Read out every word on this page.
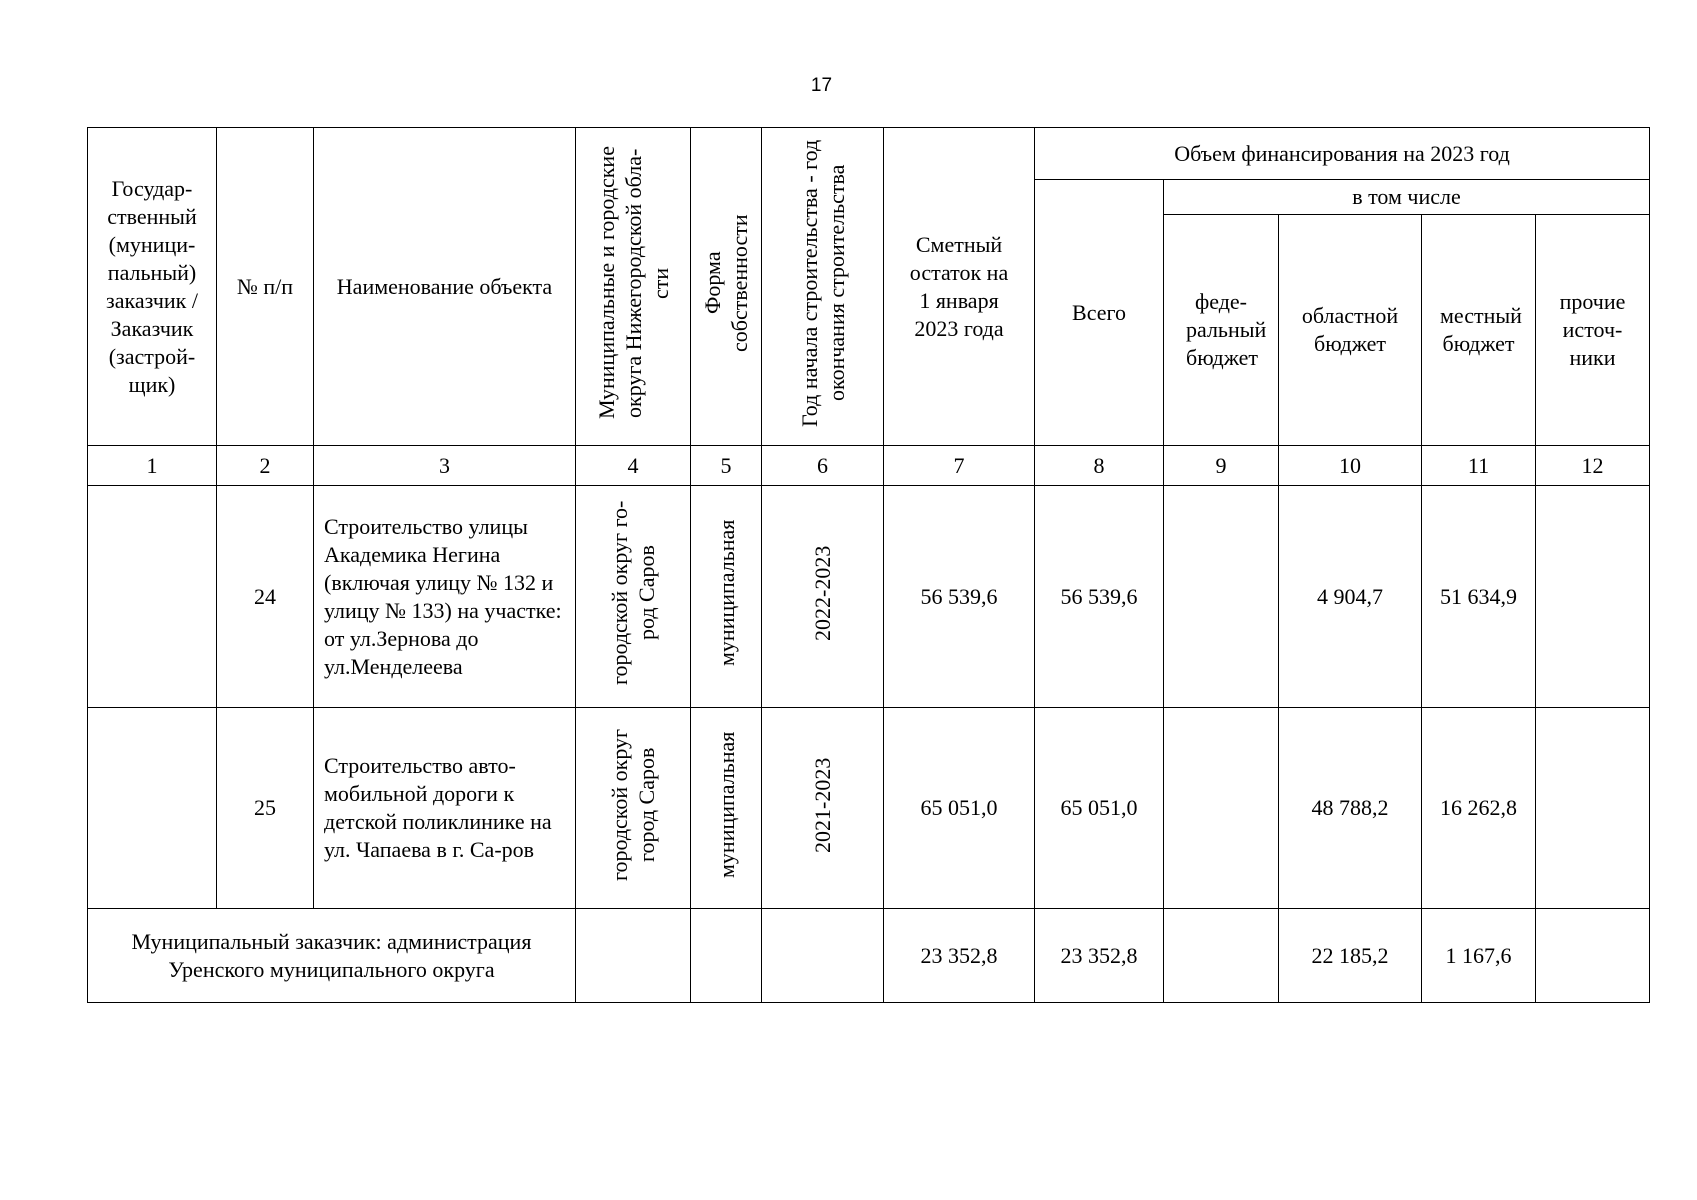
17
Государ-ственный (муници-пальный) заказчик / Заказчик (застрой-щик)	№ п/п	Наименование объекта	Муниципальные и городские округа Нижегородской обла-сти	Форма собственности	Год начала строительства - год окончания строительства	Сметный остаток на 1 января 2023 года	Объем финансирования на 2023 год				
							Всего	в том числе			
								феде-ральный бюджет	областной бюджет	местный бюджет	прочие источ-ники
1	2	3	4	5	6	7	8	9	10	11	12
	24	Строительство улицы Академика Негина (включая улицу № 132 и улицу № 133) на участке: от ул.Зернова до ул.Менделеева	городской округ го-род Саров	муниципальная	2022-2023	56 539,6	56 539,6		4 904,7	51 634,9	
	25	Строительство авто-мобильной дороги к детской поликлинике на ул. Чапаева в г. Са-ров	городской округ город Саров	муниципальная	2021-2023	65 051,0	65 051,0		48 788,2	16 262,8	
Муниципальный заказчик: администрация Уренского муниципального округа						23 352,8	23 352,8		22 185,2	1 167,6	
